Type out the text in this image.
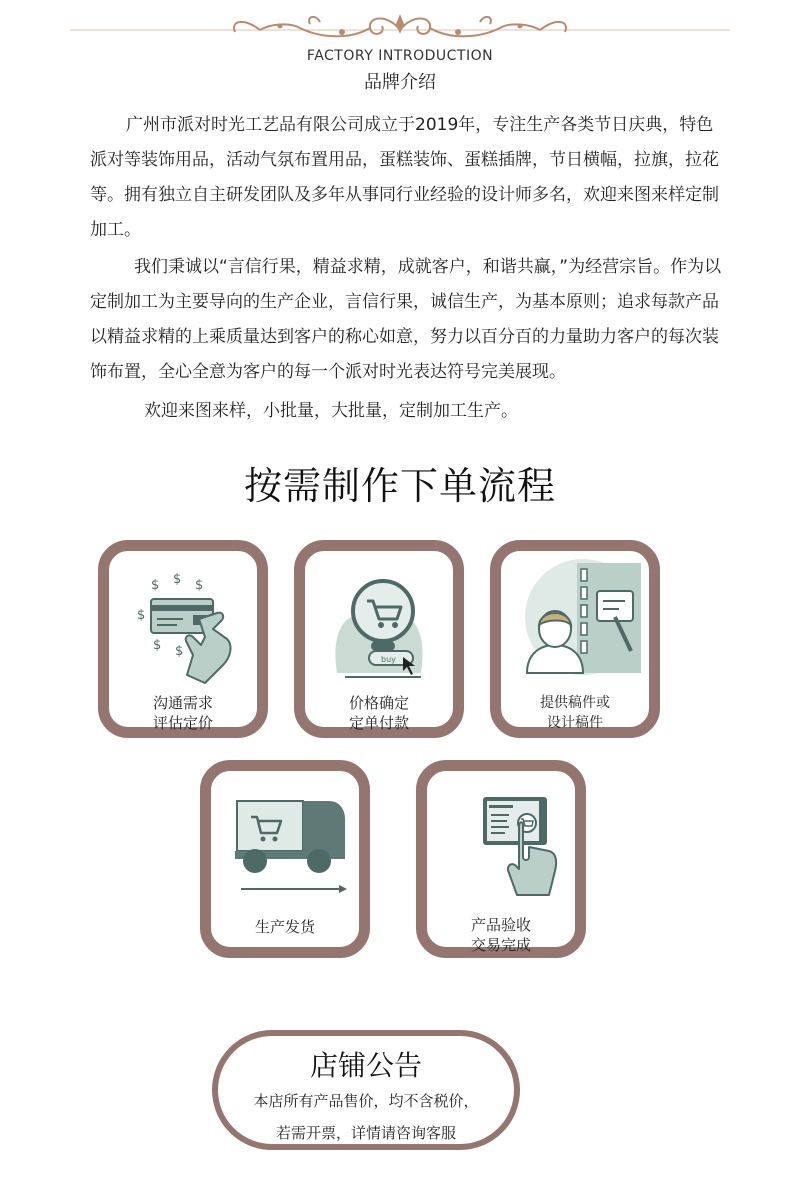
FACTORY INTRODUCTION
品牌介绍

广州市派对时光工艺品有限公司成立于2019年，专注生产各类节日庆典，特色派对等装饰用品，活动气氛布置用品，蛋糕装饰、蛋糕插牌，节日横幅，拉旗，拉花等。拥有独立自主研发团队及多年从事同行业经验的设计师多名，欢迎来图来样定制加工。

我们秉诚以“言信行果，精益求精，成就客户，和谐共赢，”为经营宗旨。作为以定制加工为主要导向的生产企业，言信行果，诚信生产，为基本原则；追求每款产品以精益求精的上乘质量达到客户的称心如意，努力以百分百的力量助力客户的每次装饰布置，全心全意为客户的每一个派对时光表达符号完美展现。

欢迎来图来样，小批量，大批量，定制加工生产。

按需制作下单流程
$ $ $
$
$ $
沟通需求
评估定价
buy
价格确定
定单付款
提供稿件或
设计稿件
生产发货	产品验收
交易完成
店铺公告
本店所有产品售价，均不含税价，
若需开票，详情请咨询客服
